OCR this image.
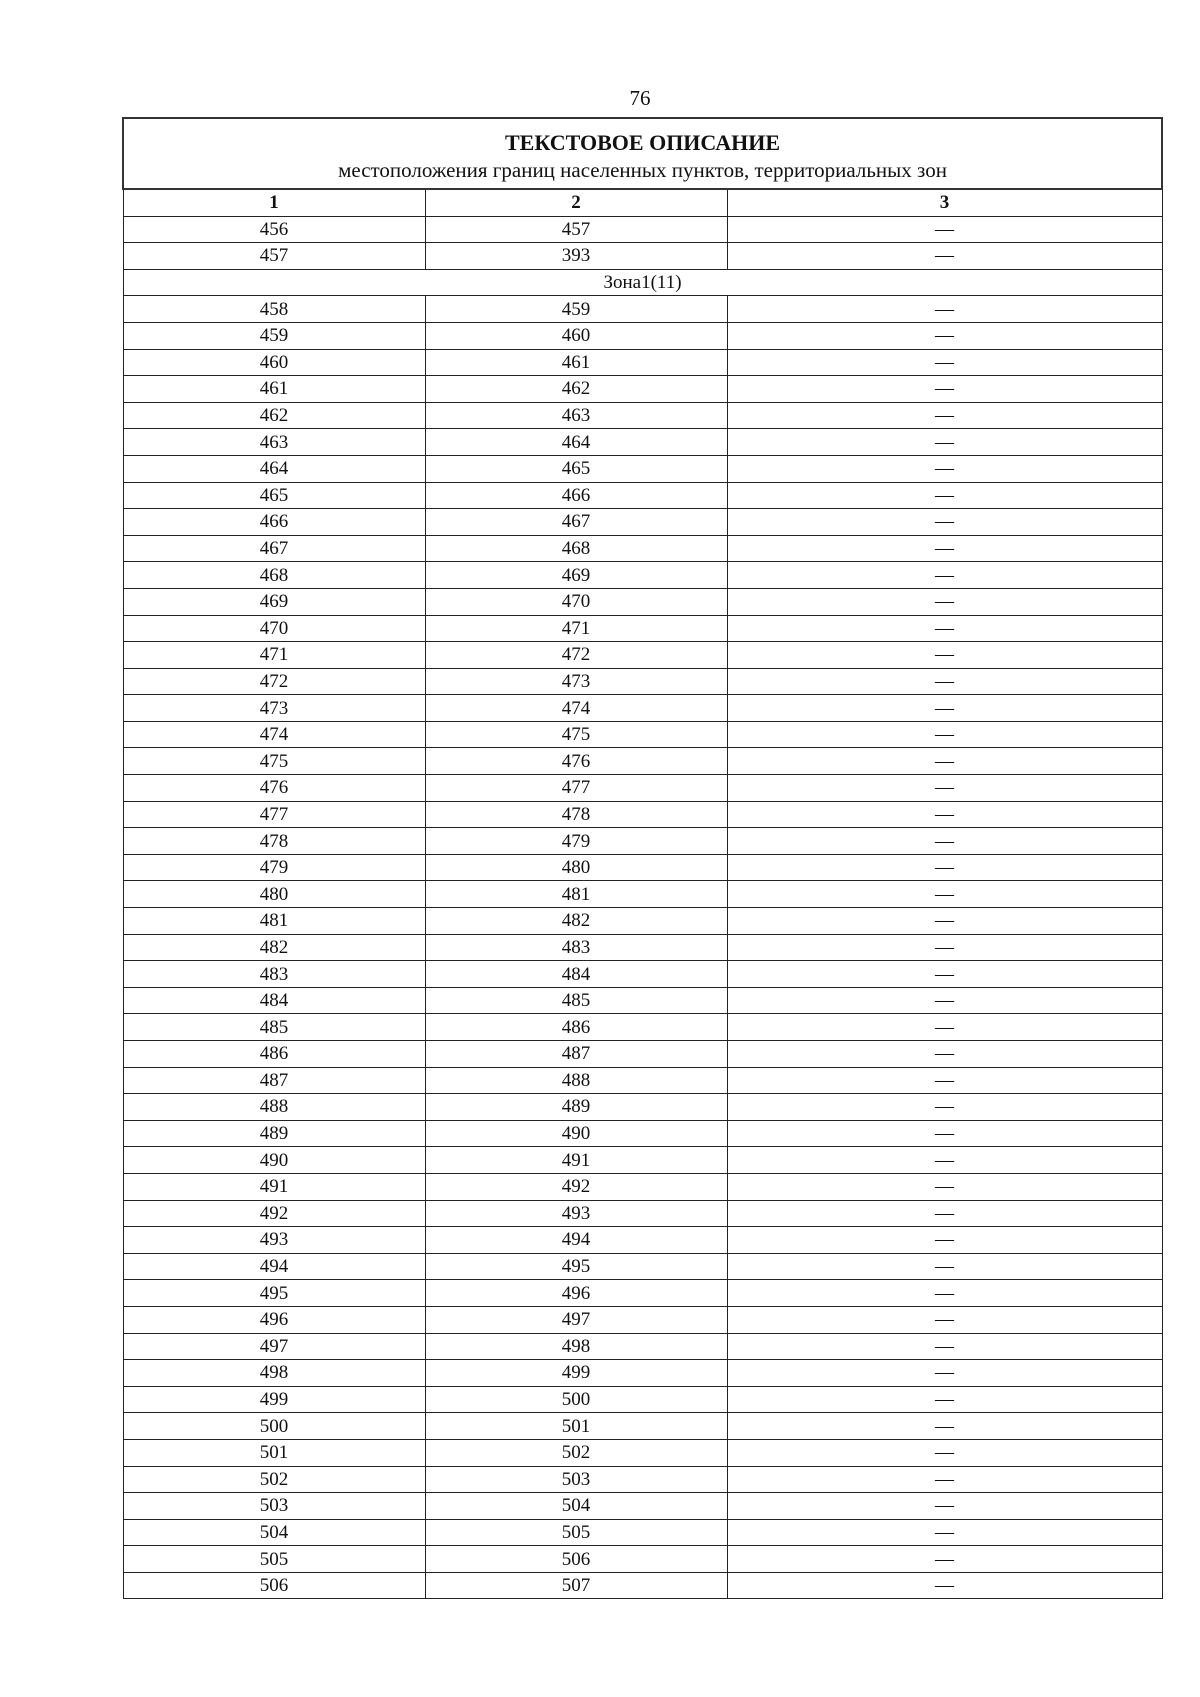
76
ТЕКСТОВОЕ ОПИСАНИЕ
местоположения границ населенных пунктов, территориальных зон		

1	2	3
456	457	—
457	393	—
Зона1(11)		
458	459	—
459	460	—
460	461	—
461	462	—
462	463	—
463	464	—
464	465	—
465	466	—
466	467	—
467	468	—
468	469	—
469	470	—
470	471	—
471	472	—
472	473	—
473	474	—
474	475	—
475	476	—
476	477	—
477	478	—
478	479	—
479	480	—
480	481	—
481	482	—
482	483	—
483	484	—
484	485	—
485	486	—
486	487	—
487	488	—
488	489	—
489	490	—
490	491	—
491	492	—
492	493	—
493	494	—
494	495	—
495	496	—
496	497	—
497	498	—
498	499	—
499	500	—
500	501	—
501	502	—
502	503	—
503	504	—
504	505	—
505	506	—
506	507	—
